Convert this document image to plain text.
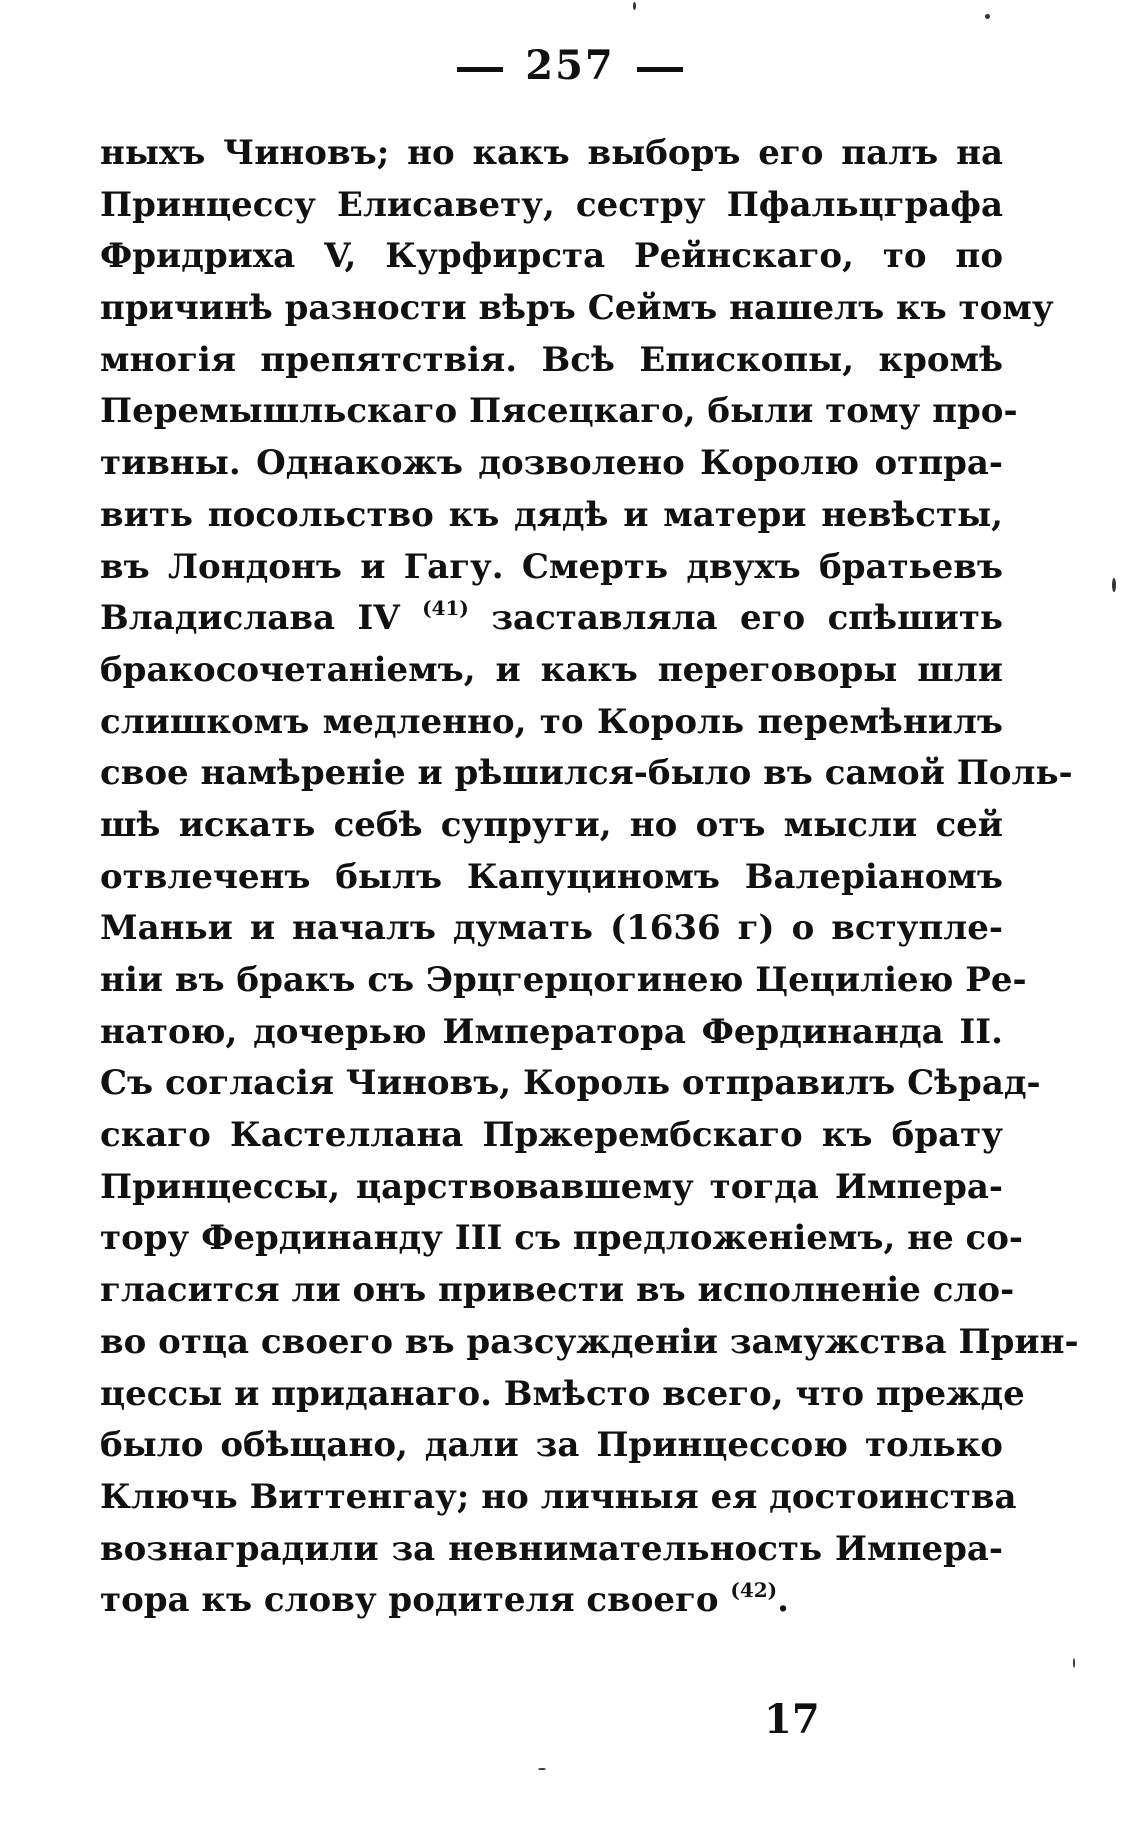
257
ныхъ Чиновъ; но какъ выборъ его палъ на
Принцессу Елисавету, сестру Пфальцграфа
Фридриха V, Курфирста Рейнскаго, то по
причинѣ разности вѣръ Сеймъ нашелъ къ тому
многія препятствія. Всѣ Епископы, кромѣ
Перемышльскаго Пясецкаго, были тому про-
тивны. Однакожъ дозволено Королю отпра-
вить посольство къ дядѣ и матери невѣсты,
въ Лондонъ и Гагу. Смерть двухъ братьевъ
Владислава IV $^{(41)}$ заставляла его спѣшить
бракосочетаніемъ, и какъ переговоры шли
слишкомъ медленно, то Король перемѣнилъ
свое намѣреніе и рѣшился-было въ самой Поль-
шѣ искать себѣ супруги, но отъ мысли сей
отвлеченъ былъ Капуциномъ Валеріаномъ
Маньи и началъ думать (1636 г) о вступле-
ніи въ бракъ съ Эрцгерцогинею Цециліею Ре-
натою, дочерью Императора Фердинанда II.
Съ согласія Чиновъ, Король отправилъ Сѣрад-
скаго Кастеллана Пржерембскаго къ брату
Принцессы, царствовавшему тогда Импера-
тору Фердинанду III съ предложеніемъ, не со-
гласится ли онъ привести въ исполненіе сло-
во отца своего въ разсужденіи замужства Прин-
цессы и приданаго. Вмѣсто всего, что прежде
было обѣщано, дали за Принцессою только
Ключь Виттенгау; но личныя ея достоинства
вознаградили за невнимательность Импера-
тора къ слову родителя своего $^{(42)}$.
17
